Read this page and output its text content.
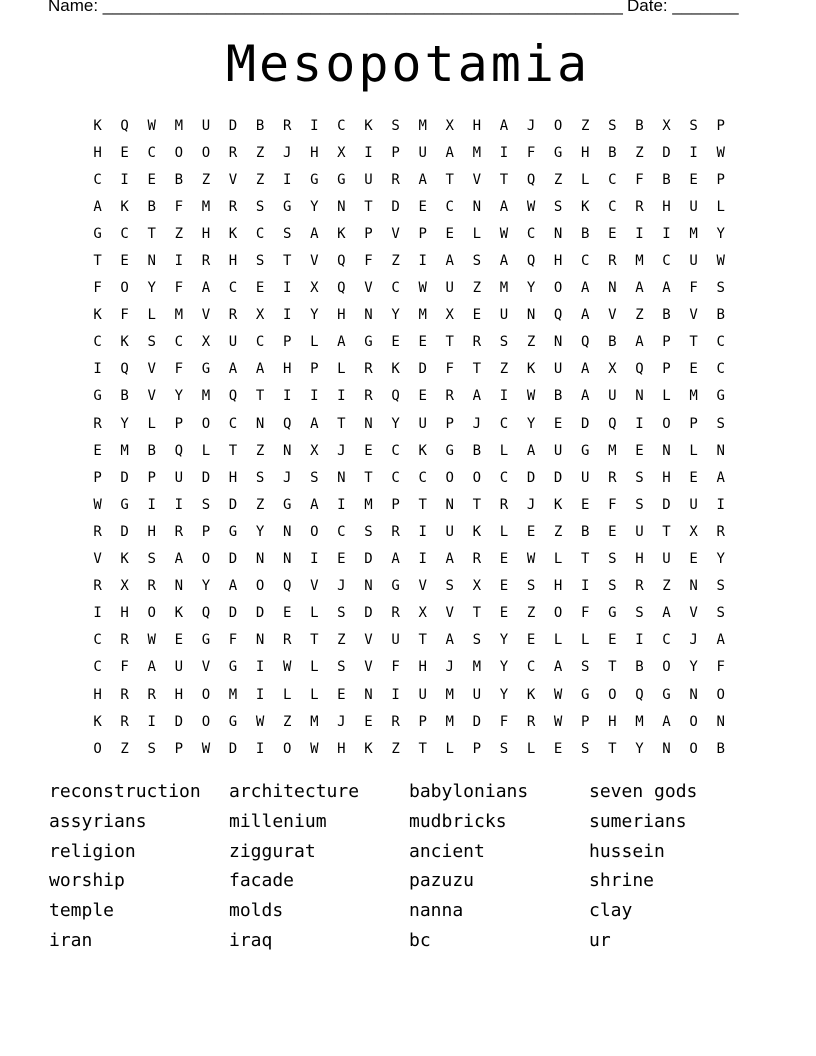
Name: _______________________________________________________ Date: _______
Mesopotamia
K	Q	W	M	U	D	B	R	I	C	K	S	M	X	H	A	J	O	Z	S	B	X	S	P
H	E	C	O	O	R	Z	J	H	X	I	P	U	A	M	I	F	G	H	B	Z	D	I	W
C	I	E	B	Z	V	Z	I	G	G	U	R	A	T	V	T	Q	Z	L	C	F	B	E	P
A	K	B	F	M	R	S	G	Y	N	T	D	E	C	N	A	W	S	K	C	R	H	U	L
G	C	T	Z	H	K	C	S	A	K	P	V	P	E	L	W	C	N	B	E	I	I	M	Y
T	E	N	I	R	H	S	T	V	Q	F	Z	I	A	S	A	Q	H	C	R	M	C	U	W
F	O	Y	F	A	C	E	I	X	Q	V	C	W	U	Z	M	Y	O	A	N	A	A	F	S
K	F	L	M	V	R	X	I	Y	H	N	Y	M	X	E	U	N	Q	A	V	Z	B	V	B
C	K	S	C	X	U	C	P	L	A	G	E	E	T	R	S	Z	N	Q	B	A	P	T	C
I	Q	V	F	G	A	A	H	P	L	R	K	D	F	T	Z	K	U	A	X	Q	P	E	C
G	B	V	Y	M	Q	T	I	I	I	R	Q	E	R	A	I	W	B	A	U	N	L	M	G
R	Y	L	P	O	C	N	Q	A	T	N	Y	U	P	J	C	Y	E	D	Q	I	O	P	S
E	M	B	Q	L	T	Z	N	X	J	E	C	K	G	B	L	A	U	G	M	E	N	L	N
P	D	P	U	D	H	S	J	S	N	T	C	C	O	O	C	D	D	U	R	S	H	E	A
W	G	I	I	S	D	Z	G	A	I	M	P	T	N	T	R	J	K	E	F	S	D	U	I
R	D	H	R	P	G	Y	N	O	C	S	R	I	U	K	L	E	Z	B	E	U	T	X	R
V	K	S	A	O	D	N	N	I	E	D	A	I	A	R	E	W	L	T	S	H	U	E	Y
R	X	R	N	Y	A	O	Q	V	J	N	G	V	S	X	E	S	H	I	S	R	Z	N	S
I	H	O	K	Q	D	D	E	L	S	D	R	X	V	T	E	Z	O	F	G	S	A	V	S
C	R	W	E	G	F	N	R	T	Z	V	U	T	A	S	Y	E	L	L	E	I	C	J	A
C	F	A	U	V	G	I	W	L	S	V	F	H	J	M	Y	C	A	S	T	B	O	Y	F
H	R	R	H	O	M	I	L	L	E	N	I	U	M	U	Y	K	W	G	O	Q	G	N	O
K	R	I	D	O	G	W	Z	M	J	E	R	P	M	D	F	R	W	P	H	M	A	O	N
O	Z	S	P	W	D	I	O	W	H	K	Z	T	L	P	S	L	E	S	T	Y	N	O	B
reconstruction	architecture	babylonians	seven gods
assyrians	millenium	mudbricks	sumerians
religion	ziggurat	ancient	hussein
worship	facade	pazuzu	shrine
temple	molds	nanna	clay
iran	iraq	bc	ur
